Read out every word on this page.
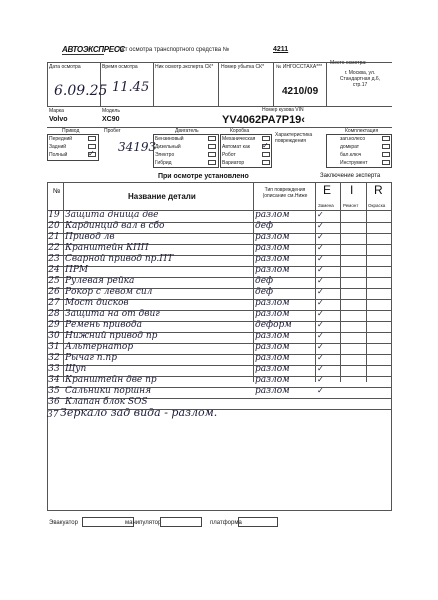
АВТОЭКСПРЕСС
Акт осмотра транспортного средства №	4211
Дата осмотра
6.09.25
Время осмотра
11.45
Ник осмотр.эксперта СК* Номер убытка СК* № ИНГОССТАХА***
4210/09
Место осмотра:
г. Москва, ул. Стандартная д.6, стр.17
Марка
Volvo
Модель
XC90
Номер кузова VIN
YV4062PA7P19‹
Привод	Пробег	Двигатель	Коробка
Характеристика повреждения
Комплектация
Передний
Задний
Полный	✓ 34193
Бензиновый
Дизельный
Электро
Гибрид
Механическая
Автомат как
Робот
Вариатор
✓
зап.колесо
домкрат
бал.ключ
Инструмент
При осмотре установлено	Заключение эксперта
№
Название детали
Тип повреждения (описание см.Ниже	E I R
Замена Ремонт Окраска
19 Защита днища две	разлом	✓
20 Кардинцид вал в сбо	деф	✓
21 Привод лв	разлом	✓
22 Кранштейн КПП	разлом	✓
23 Сварной привод пр.ПТ	разлом	✓
24 ПРМ	разлом	✓
25 Рулевая рейка	деф	✓
26 Рокор с левом сил	деф	✓
27 Мост дисков	разлом	✓
28 Защита на от двиг	разлом	✓
29 Ремень привода	деформ	✓
30 Нижний привод пр	разлом	✓
31 Альтернатор	разлом	✓
32 Рычаг п.пр	разлом	✓
33 Щуп	разлом	✓
34 Кранштейн две пр	разлом	✓
35 Сальники поршня	разлом	✓
36 Клапан блок SOS
37 Зеркало зад вида - разлом.
Эвакуатор	манипулятор	платформа
